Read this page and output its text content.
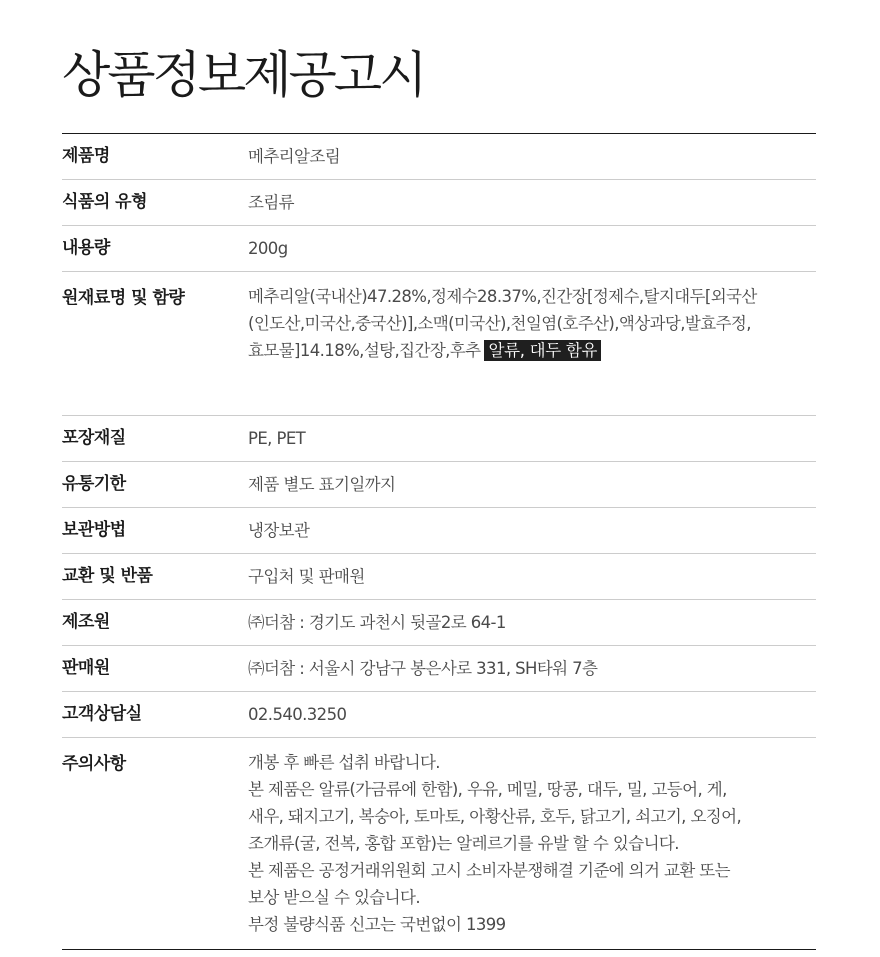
상품정보제공고시
제품명	메추리알조림
식품의 유형	조림류
내용량	200g
원재료명 및 함량	메추리알(국내산)47.28%,정제수28.37%,진간장[정제수,탈지대두[외국산
(인도산,미국산,중국산)],소맥(미국산),천일염(호주산),액상과당,발효주정,
효모물]14.18%,설탕,집간장,후추 알류, 대두 함유
포장재질	PE, PET
유통기한	제품 별도 표기일까지
보관방법	냉장보관
교환 및 반품	구입처 및 판매원
제조원	㈜더참 : 경기도 과천시 뒷골2로 64-1
판매원	㈜더참 : 서울시 강남구 봉은사로 331, SH타워 7층
고객상담실	02.540.3250
주의사항	개봉 후 빠른 섭취 바랍니다.
본 제품은 알류(가금류에 한함), 우유, 메밀, 땅콩, 대두, 밀, 고등어, 게,
새우, 돼지고기, 복숭아, 토마토, 아황산류, 호두, 닭고기, 쇠고기, 오징어,
조개류(굴, 전복, 홍합 포함)는 알레르기를 유발 할 수 있습니다.
본 제품은 공정거래위원회 고시 소비자분쟁해결 기준에 의거 교환 또는
보상 받으실 수 있습니다.
부정 불량식품 신고는 국번없이 1399
